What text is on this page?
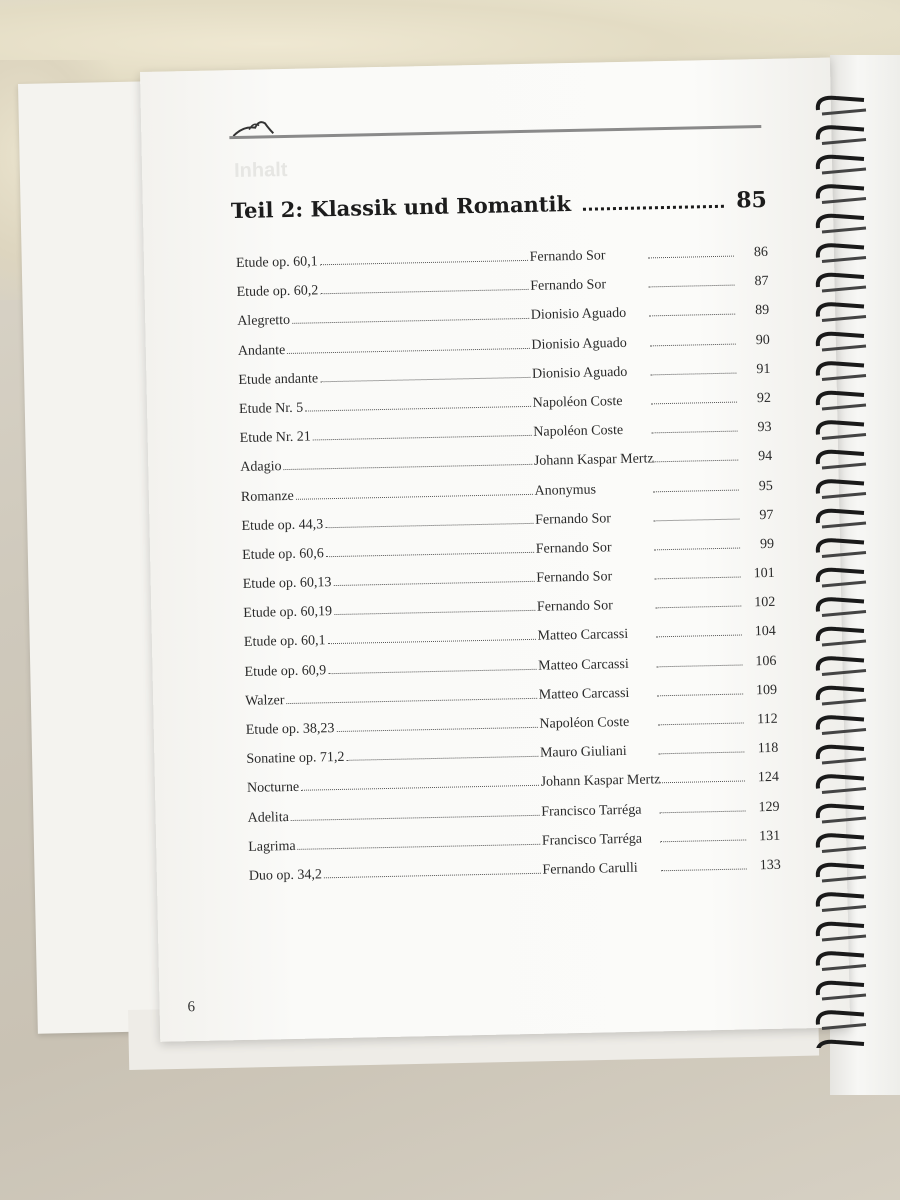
Inhalt
Teil 2: Klassik und Romantik	85
Etude op. 60,1	Fernando Sor	86
Etude op. 60,2	Fernando Sor	87
Alegretto	Dionisio Aguado	89
Andante	Dionisio Aguado	90
Etude andante	Dionisio Aguado	91
Etude Nr. 5	Napoléon Coste	92
Etude Nr. 21	Napoléon Coste	93
Adagio	Johann Kaspar Mertz	94
Romanze	Anonymus	95
Etude op. 44,3	Fernando Sor	97
Etude op. 60,6	Fernando Sor	99
Etude op. 60,13	Fernando Sor	101
Etude op. 60,19	Fernando Sor	102
Etude op. 60,1	Matteo Carcassi	104
Etude op. 60,9	Matteo Carcassi	106
Walzer	Matteo Carcassi	109
Etude op. 38,23	Napoléon Coste	112
Sonatine op. 71,2	Mauro Giuliani	118
Nocturne	Johann Kaspar Mertz	124
Adelita	Francisco Tarréga	129
Lagrima	Francisco Tarréga	131
Duo op. 34,2	Fernando Carulli	133
6
